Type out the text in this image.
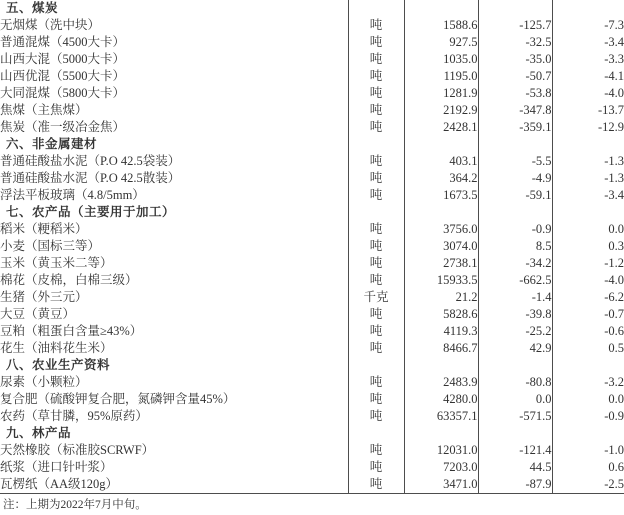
五、煤炭				
无烟煤（洗中块）	吨	1588.6	-125.7	-7.3
普通混煤（4500大卡）	吨	927.5	-32.5	-3.4
山西大混（5000大卡）	吨	1035.0	-35.0	-3.3
山西优混（5500大卡）	吨	1195.0	-50.7	-4.1
大同混煤（5800大卡）	吨	1281.9	-53.8	-4.0
焦煤（主焦煤）	吨	2192.9	-347.8	-13.7
焦炭（准一级冶金焦）	吨	2428.1	-359.1	-12.9
六、非金属建材				
普通硅酸盐水泥（P.O 42.5袋装）	吨	403.1	-5.5	-1.3
普通硅酸盐水泥（P.O 42.5散装）	吨	364.2	-4.9	-1.3
浮法平板玻璃（4.8/5mm）	吨	1673.5	-59.1	-3.4
七、农产品（主要用于加工）				
稻米（粳稻米）	吨	3756.0	-0.9	0.0
小麦（国标三等）	吨	3074.0	8.5	0.3
玉米（黄玉米二等）	吨	2738.1	-34.2	-1.2
棉花（皮棉，白棉三级）	吨	15933.5	-662.5	-4.0
生猪（外三元）	千克	21.2	-1.4	-6.2
大豆（黄豆）	吨	5828.6	-39.8	-0.7
豆粕（粗蛋白含量≥43%）	吨	4119.3	-25.2	-0.6
花生（油料花生米）	吨	8466.7	42.9	0.5
八、农业生产资料				
尿素（小颗粒）	吨	2483.9	-80.8	-3.2
复合肥（硫酸钾复合肥，氮磷钾含量45%）	吨	4280.0	0.0	0.0
农药（草甘膦，95%原药）	吨	63357.1	-571.5	-0.9
九、林产品				
天然橡胶（标准胶SCRWF）	吨	12031.0	-121.4	-1.0
纸浆（进口针叶浆）	吨	7203.0	44.5	0.6
瓦楞纸（AA级120g）	吨	3471.0	-87.9	-2.5
注：上期为2022年7月中旬。
